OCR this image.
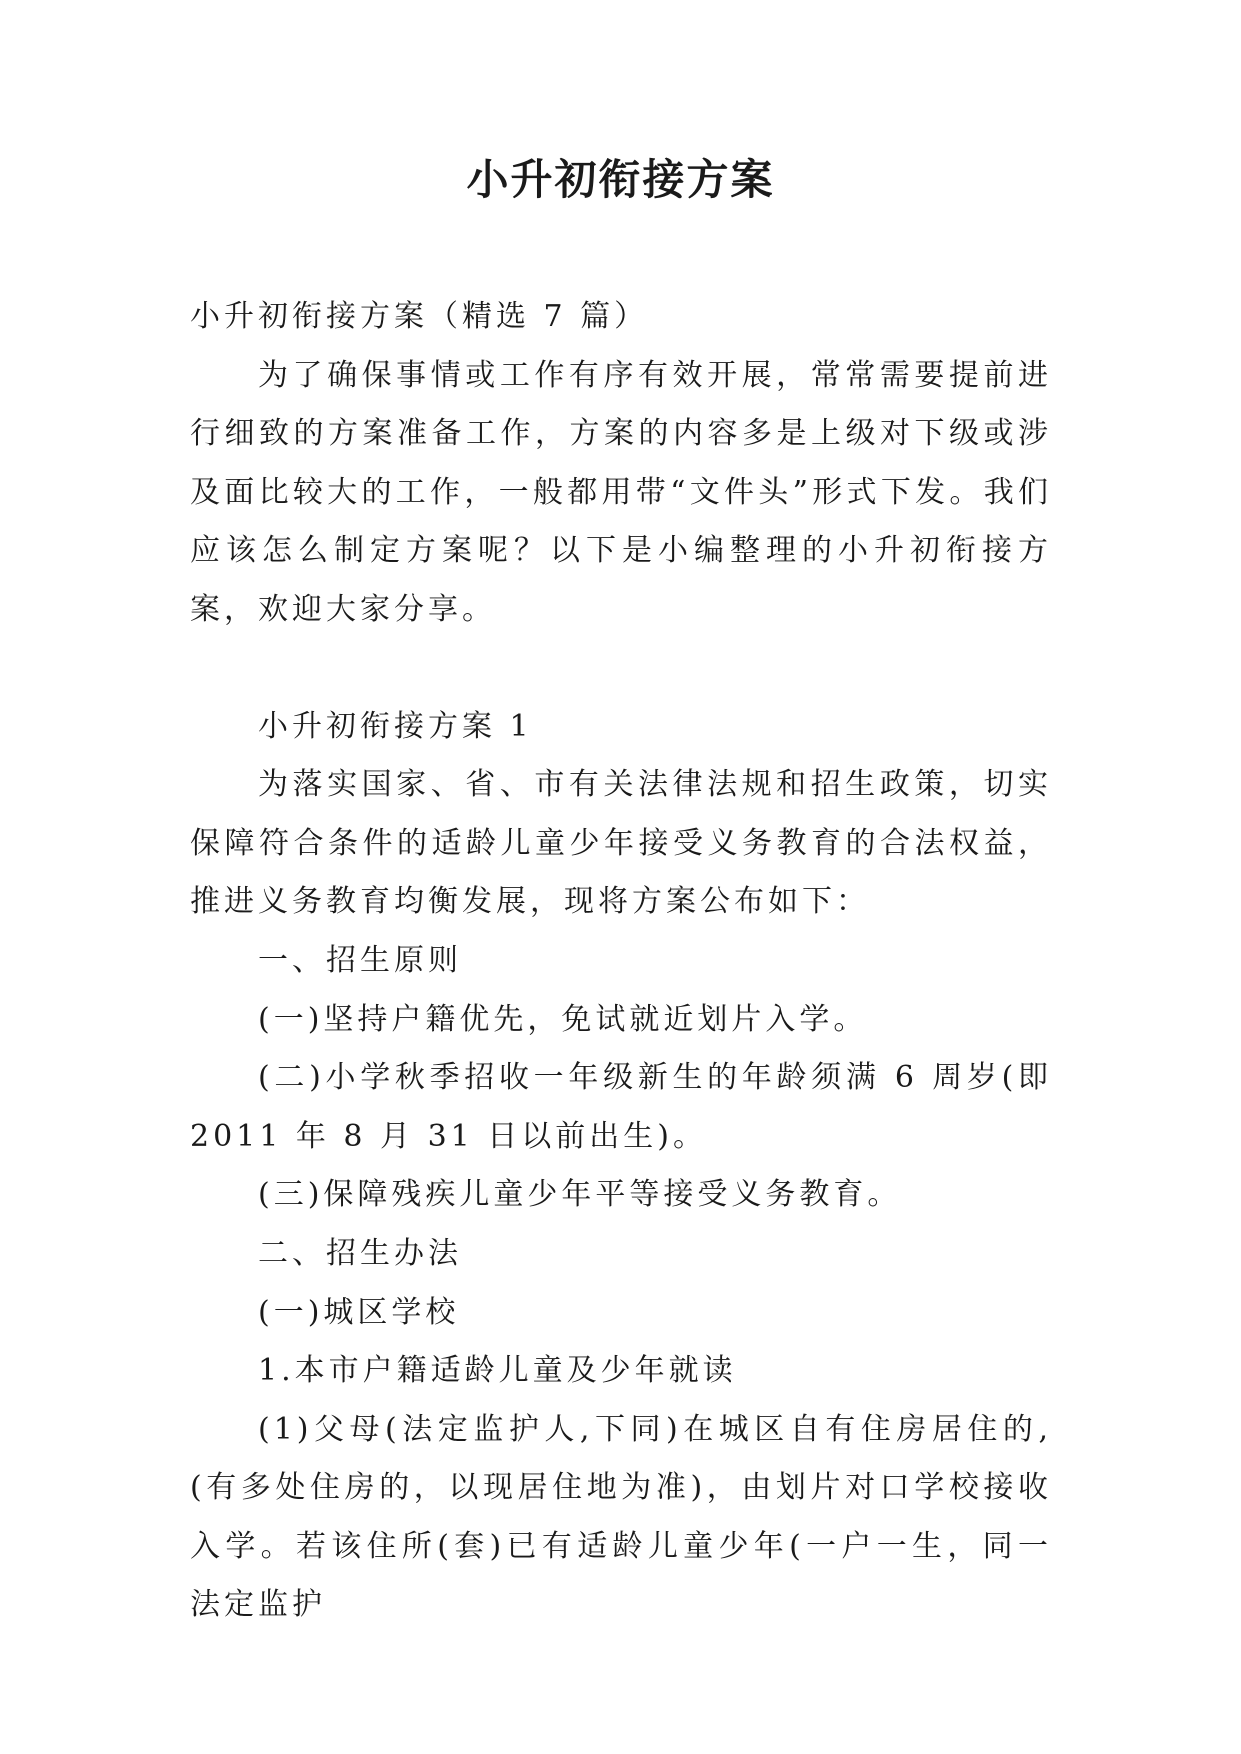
小升初衔接方案

小升初衔接方案（精选 7 篇）

为了确保事情或工作有序有效开展，常常需要提前进行细致的方案准备工作，方案的内容多是上级对下级或涉及面比较大的工作，一般都用带“文件头”形式下发。我们应该怎么制定方案呢？以下是小编整理的小升初衔接方案，欢迎大家分享。

小升初衔接方案 1

为落实国家、省、市有关法律法规和招生政策，切实保障符合条件的适龄儿童少年接受义务教育的合法权益，推进义务教育均衡发展，现将方案公布如下：

一、招生原则

(一)坚持户籍优先，免试就近划片入学。

(二)小学秋季招收一年级新生的年龄须满 6 周岁(即 2011 年 8 月 31 日以前出生)。

(三)保障残疾儿童少年平等接受义务教育。

二、招生办法

(一)城区学校

1.本市户籍适龄儿童及少年就读

(1)父母(法定监护人,下同)在城区自有住房居住的,(有多处住房的，以现居住地为准)，由划片对口学校接收入学。若该住所(套)已有适龄儿童少年(一户一生，同一法定监护
